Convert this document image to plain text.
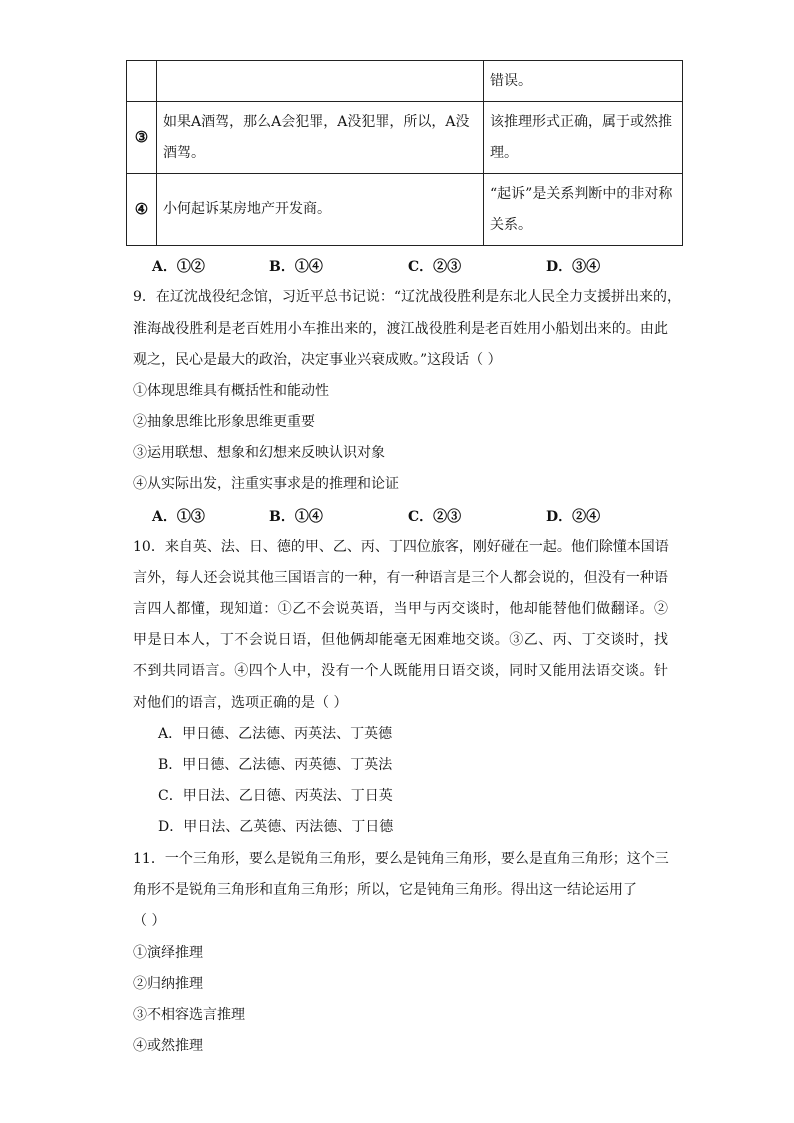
		错误。

③	如果A酒驾，那么A会犯罪，A没犯罪，所以，A没酒驾。	该推理形式正确，属于或然推理。

④	小何起诉某房地产开发商。	“起诉”是关系判断中的非对称关系。
A．①②	B．①④	C．②③	D．③④
9．在辽沈战役纪念馆，习近平总书记说：“辽沈战役胜利是东北人民全力支援拼出来的，
淮海战役胜利是老百姓用小车推出来的，渡江战役胜利是老百姓用小船划出来的。由此
观之，民心是最大的政治，决定事业兴衰成败。”这段话（ ）
①体现思维具有概括性和能动性
②抽象思维比形象思维更重要
③运用联想、想象和幻想来反映认识对象
④从实际出发，注重实事求是的推理和论证
A．①③	B．①④	C．②③	D．②④
10．来自英、法、日、德的甲、乙、丙、丁四位旅客，刚好碰在一起。他们除懂本国语
言外，每人还会说其他三国语言的一种，有一种语言是三个人都会说的，但没有一种语
言四人都懂，现知道：①乙不会说英语，当甲与丙交谈时，他却能替他们做翻译。②
甲是日本人，丁不会说日语，但他俩却能毫无困难地交谈。③乙、丙、丁交谈时，找
不到共同语言。④四个人中，没有一个人既能用日语交谈，同时又能用法语交谈。针
对他们的语言，选项正确的是（ ）
A．甲日德、乙法德、丙英法、丁英德
B．甲日德、乙法德、丙英德、丁英法
C．甲日法、乙日德、丙英法、丁日英
D．甲日法、乙英德、丙法德、丁日德
11．一个三角形，要么是锐角三角形，要么是钝角三角形，要么是直角三角形；这个三
角形不是锐角三角形和直角三角形；所以，它是钝角三角形。得出这一结论运用了
（ ）
①演绎推理
②归纳推理
③不相容选言推理
④或然推理
